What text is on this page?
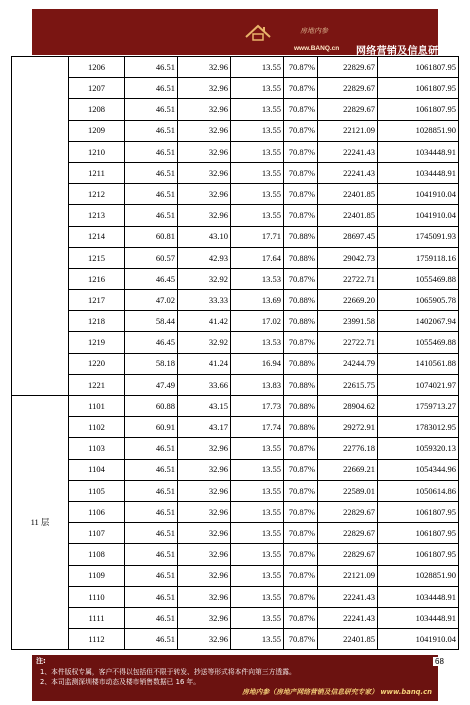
房地内参
www.BANQ.cn 网络营销及信息研究专家
	1206	46.51	32.96	13.55	70.87%	22829.67	1061807.95
	1207	46.51	32.96	13.55	70.87%	22829.67	1061807.95
	1208	46.51	32.96	13.55	70.87%	22829.67	1061807.95
	1209	46.51	32.96	13.55	70.87%	22121.09	1028851.90
	1210	46.51	32.96	13.55	70.87%	22241.43	1034448.91
	1211	46.51	32.96	13.55	70.87%	22241.43	1034448.91
	1212	46.51	32.96	13.55	70.87%	22401.85	1041910.04
	1213	46.51	32.96	13.55	70.87%	22401.85	1041910.04
	1214	60.81	43.10	17.71	70.88%	28697.45	1745091.93
	1215	60.57	42.93	17.64	70.88%	29042.73	1759118.16
	1216	46.45	32.92	13.53	70.87%	22722.71	1055469.88
	1217	47.02	33.33	13.69	70.88%	22669.20	1065905.78
	1218	58.44	41.42	17.02	70.88%	23991.58	1402067.94
	1219	46.45	32.92	13.53	70.87%	22722.71	1055469.88
	1220	58.18	41.24	16.94	70.88%	24244.79	1410561.88
	1221	47.49	33.66	13.83	70.88%	22615.75	1074021.97
11 层	1101	60.88	43.15	17.73	70.88%	28904.62	1759713.27
	1102	60.91	43.17	17.74	70.88%	29272.91	1783012.95
	1103	46.51	32.96	13.55	70.87%	22776.18	1059320.13
	1104	46.51	32.96	13.55	70.87%	22669.21	1054344.96
	1105	46.51	32.96	13.55	70.87%	22589.01	1050614.86
	1106	46.51	32.96	13.55	70.87%	22829.67	1061807.95
	1107	46.51	32.96	13.55	70.87%	22829.67	1061807.95
	1108	46.51	32.96	13.55	70.87%	22829.67	1061807.95
	1109	46.51	32.96	13.55	70.87%	22121.09	1028851.90
	1110	46.51	32.96	13.55	70.87%	22241.43	1034448.91
	1111	46.51	32.96	13.55	70.87%	22241.43	1034448.91
	1112	46.51	32.96	13.55	70.87%	22401.85	1041910.04
注:
1、本件版权专属，客户不得以包括但不限于转发、抄送等形式将本件向第三方透露。
2、本司监测深圳楼市动态及楼市销售数据已 16 年。
房地内参（房地产网络营销及信息研究专家） www.banq.cn
68
